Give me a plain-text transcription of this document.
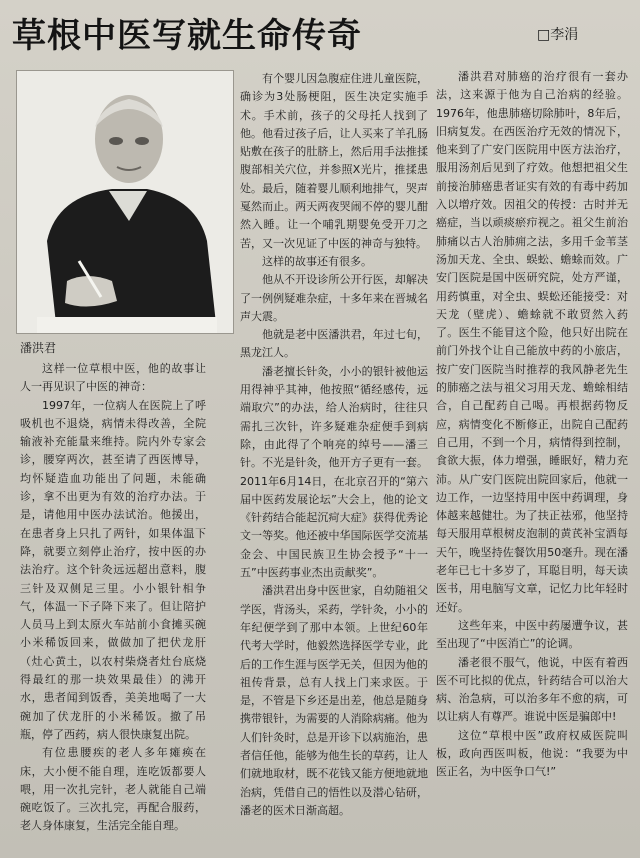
草根中医写就生命传奇	□李涓
潘洪君

这样一位草根中医，他的故事让人一再见识了中医的神奇：

1997年，一位病人在医院上了呼吸机也不退烧，病情未得改善，全院输液补充能量来维持。院内外专家会诊，腰穿两次，甚至请了西医博导，均怀疑造血功能出了问题，未能确诊，拿不出更为有效的治疗办法。于是，请他用中医办法试治。他援出，在患者身上只扎了两针，如果体温下降，就要立刻停止治疗，按中医的办法治疗。这个针灸远远超出意料，腹三针及双侧足三里。小小银针相争气，体温一下子降下来了。但让陪护人员马上到太原火车站前小食摊买碗小米稀饭回来，做做加了把伏龙肝（灶心黄土，以农村柴烧者灶台底烧得最红的那一块效果最佳）的沸开水，患者闻到饭香，美美地喝了一大碗加了伏龙肝的小米稀饭。撤了吊瓶，停了西药，病人很快康复出院。

有位患腰疾的老人多年瘫痪在床，大小便不能自理，连吃饭都要人喂，用一次扎完针，老人就能自己端碗吃饭了。三次扎完，再配合服药，老人身体康复，生活完全能自理。

有个婴儿因急腹症住进儿童医院，确诊为3处肠梗阻，医生决定实施手术。手术前，孩子的父母托人找到了他。他看过孩子后，让人买来了羊孔肠贴敷在孩子的肚脐上，然后用手法推揉腹部相关穴位，并参照X光片，推揉患处。最后，随着婴儿顺利地排气，哭声戛然而止。两天两夜哭闹不停的婴儿酣然入睡。让一个哺乳期婴免受开刀之苦，又一次见证了中医的神奇与独特。

这样的故事还有很多。

他从不开设诊所公开行医，却解决了一例例疑难杂症，十多年来在晋城名声大震。

他就是老中医潘洪君，年过七旬，黑龙江人。

潘老擅长针灸，小小的银针被他运用得神乎其神，他按照“循经感传，远端取穴”的办法，给人治病时，往往只需扎三次针，许多疑难杂症便手到病除，由此得了个响亮的绰号——潘三针。不光是针灸，他开方子更有一套。2011年6月14日，在北京召开的“第六届中医药发展论坛”大会上，他的论文《针药结合能起沉疴大症》获得优秀论文一等奖。他还被中华国际医学交流基金会、中国民族卫生协会授予“十一五”中医药事业杰出贡献奖”。

潘洪君出身中医世家，自幼随祖父学医，背汤头，采药，学针灸，小小的年纪便学到了那中本领。上世纪60年代考大学时，他毅然选择医学专业，此后的工作生涯与医学无关，但因为他的祖传背景，总有人找上门来求医。于是，不管是下乡还是出差，他总是随身携带银针，为需要的人消除病痛。他为人们针灸时，总是开诊下以病施治，患者信任他，能够为他生长的草药，让人们就地取材，既不花钱又能方便地就地治病，凭借自己的悟性以及潜心钻研，潘老的医术日渐高超。

潘洪君对肺癌的治疗很有一套办法，这来源于他为自己治病的经验。1976年，他患肺癌切除肺叶，8年后，旧病复发。在西医治疗无效的情况下，他来到了广安门医院用中医方法治疗，服用汤剂后见到了疗效。他想把祖父生前接治肺癌患者证实有效的有毒中药加入以增疗效。因祖父的传授：古时并无癌症，当以顽痰瘀疖视之。祖父生前治肺痛以古人治肺痈之法，多用千金苇茎汤加天龙、全虫、蜈蚣、蟾蜍而效。广安门医院是国中医研究院，处方严谨，用药慎重，对全虫、蜈蚣还能接受：对天龙（壁虎）、蟾蜍就不敢贸然入药了。医生不能冒这个险，他只好出院在前门外找个让自己能放中药的小旅店，按广安门医院当时推荐的我风静老先生的肺癌之法与祖父习用天龙、蟾蜍相结合，自己配药自己喝。再根据药物反应，病情变化不断修正，出院自己配药自己用，不到一个月，病情得到控制，食欲大振，体力增强，睡眠好，精力充沛。从广安门医院出院回家后，他就一边工作，一边坚持用中医中药调理，身体越来越健壮。为了扶正祛邪，他坚持每天服用草根树皮泡制的黄芪补宝酒每天午，晚坚持佐餐饮用50毫升。现在潘老年已七十多岁了，耳聪目明，每天读医书，用电脑写文章，记忆力比年轻时还好。

这些年来，中医中药屡遭争议，甚至出现了“中医消亡”的论调。

潘老很不服气，他说，中医有着西医不可比拟的优点，针药结合可以治大病、治急病，可以治多年不愈的病，可以让病人有尊严。谁说中医是骗郎中!

这位“草根中医”政府权威医院叫板，政向西医叫板，他说：“我要为中医正名，为中医争口气!”
